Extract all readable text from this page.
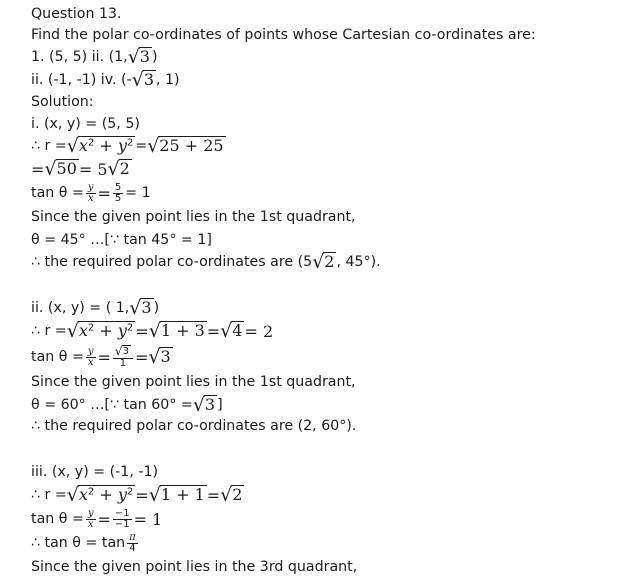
Question 13.
Find the polar co-ordinates of points whose Cartesian co-ordinates are:
1. (5, 5) ii. (1, √ 3 )
ii. (-1, -1) iv. (- √ 3 , 1)
Solution:
i. (x, y) = (5, 5)
∴ r = √ $x^2 + y^2$ = √ 25 + 25
= √ 50 = 5 √ 2
$\tan \theta = \frac{y}{x} = \frac{5}{5} = 1$
Since the given point lies in the 1st quadrant,
θ = 45° …[∵ tan 45° = 1]
∴ the required polar co-ordinates are (5 √ 2 , 45°).
ii. (x, y) = ( 1, √ 3 )
∴ r = √ $x^2 + y^2$ = √ 1 + 3 = √ 4 = 2
$\tan \theta = \frac{y}{x} = \frac{√ 3}{1}$ = √ 3
Since the given point lies in the 1st quadrant,
θ = 60° …[∵ tan 60° = √ 3 ]
∴ the required polar co-ordinates are (2, 60°).
iii. (x, y) = (-1, -1)
∴ r = √ $x^2 + y^2$ = √ 1 + 1 = √ 2
$\tan \theta = \frac{y}{x} = \frac{-1}{-1} = 1$
∴ $\tan \theta = \tan \frac{\pi}{4}$
Since the given point lies in the 3rd quadrant,
